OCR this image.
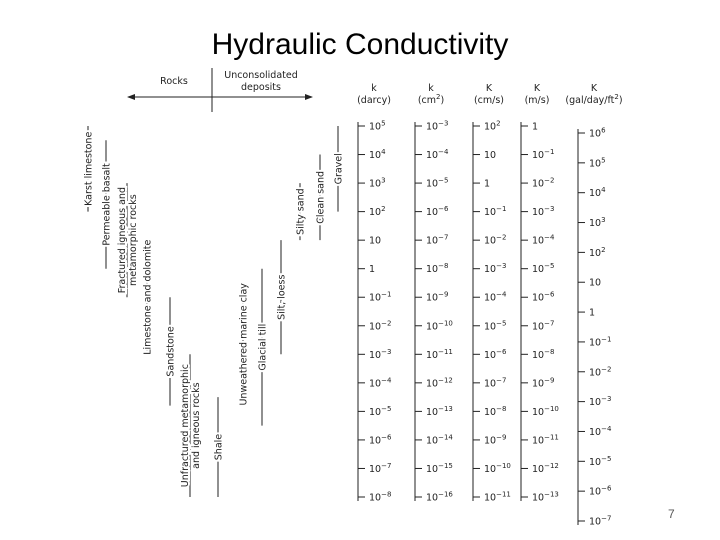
Hydraulic Conductivity
Rocks
Unconsolidated
deposits
Karst limestone Permeable basalt Fractured igneous and metamorphic rocks Limestone and dolomite Sandstone
Unfractured metamorphic and igneous rocks Shale
Unweathered marine clay Glacial till
Silt, loess
Silty sand Clean sand
Gravel
k
(darcy)
$10^5$
$10^4$
$10^3$
$10^2$
10
1
$10^{-1}$
$10^{-2}$
$10^{-3}$
$10^{-4}$
$10^{-5}$
$10^{-6}$
$10^{-7}$
$10^{-8}$
k
$(cm^2)$
$10^{-3}$
$10^{-4}$
$10^{-5}$
$10^{-6}$
$10^{-7}$
$10^{-8}$
$10^{-9}$
$10^{-10}$
$10^{-11}$
$10^{-12}$
$10^{-13}$
$10^{-14}$
$10^{-15}$
$10^{-16}$
K
(cm/s)
$10^2$
10
1
$10^{-1}$
$10^{-2}$
$10^{-3}$
$10^{-4}$
$10^{-5}$
$10^{-6}$
$10^{-7}$
$10^{-8}$
$10^{-9}$
$10^{-10}$
$10^{-11}$
K
(m/s)
1
$10^{-1}$
$10^{-2}$
$10^{-3}$
$10^{-4}$
$10^{-5}$
$10^{-6}$
$10^{-7}$
$10^{-8}$
$10^{-9}$
$10^{-10}$
$10^{-11}$
$10^{-12}$
$10^{-13}$
K
$(gal/day/ft^2)$
$10^6$
$10^5$
$10^4$
$10^3$
$10^2$
10
1
$10^{-1}$
$10^{-2}$
$10^{-3}$
$10^{-4}$
$10^{-5}$
$10^{-6}$
$10^{-7}$	7
